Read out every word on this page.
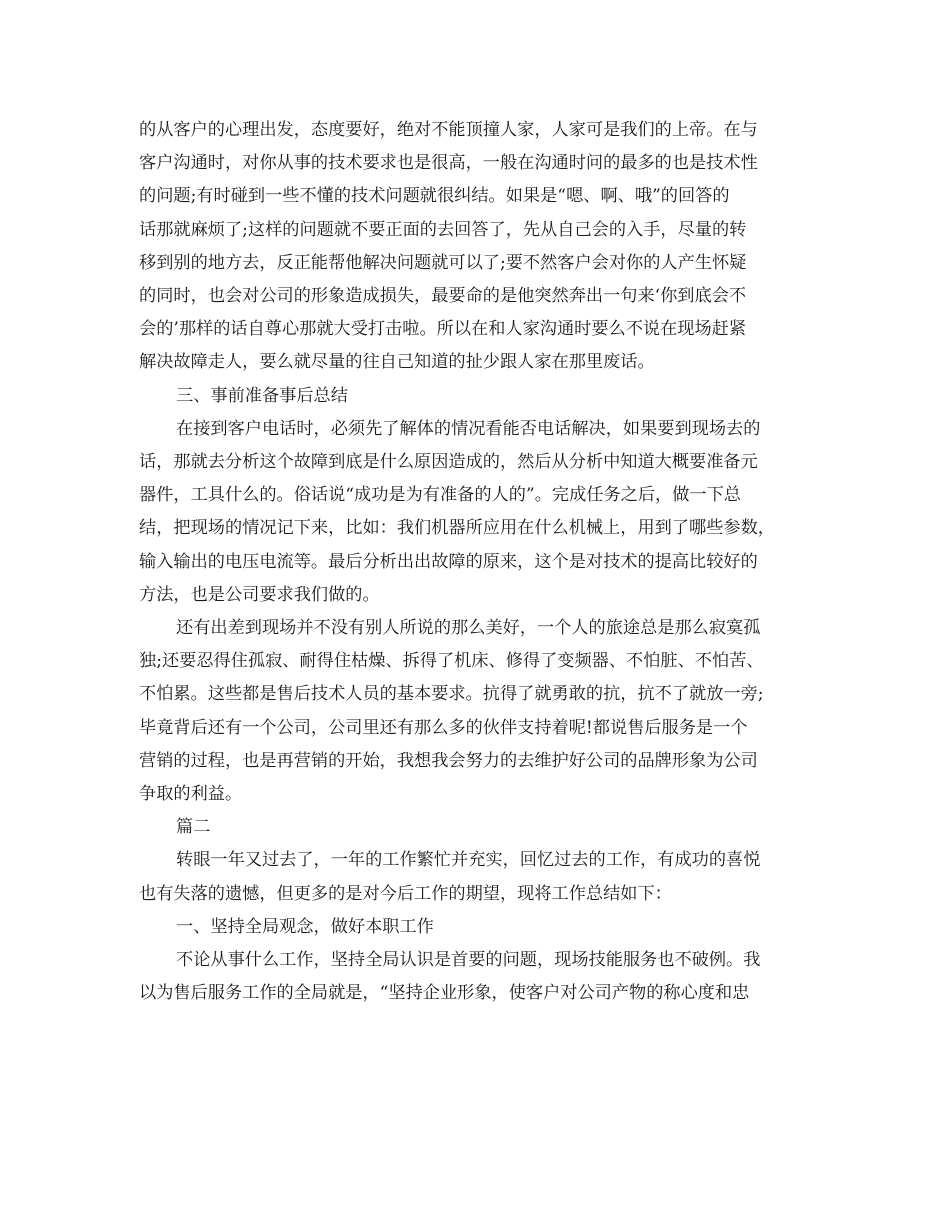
的从客户的心理出发，态度要好，绝对不能顶撞人家，人家可是我们的上帝。在与
客户沟通时，对你从事的技术要求也是很高，一般在沟通时问的最多的也是技术性
的问题;有时碰到一些不懂的技术问题就很纠结。如果是“嗯、啊、哦”的回答的
话那就麻烦了;这样的问题就不要正面的去回答了，先从自己会的入手，尽量的转
移到别的地方去，反正能帮他解决问题就可以了;要不然客户会对你的人产生怀疑
的同时，也会对公司的形象造成损失，最要命的是他突然奔出一句来‘你到底会不
会的’那样的话自尊心那就大受打击啦。所以在和人家沟通时要么不说在现场赶紧
解决故障走人，要么就尽量的往自己知道的扯少跟人家在那里废话。
三、事前准备事后总结
在接到客户电话时，必须先了解体的情况看能否电话解决，如果要到现场去的
话，那就去分析这个故障到底是什么原因造成的，然后从分析中知道大概要准备元
器件，工具什么的。俗话说“成功是为有准备的人的”。完成任务之后，做一下总
结，把现场的情况记下来，比如：我们机器所应用在什么机械上，用到了哪些参数，
输入输出的电压电流等。最后分析出出故障的原来，这个是对技术的提高比较好的
方法，也是公司要求我们做的。
还有出差到现场并不没有别人所说的那么美好，一个人的旅途总是那么寂寞孤
独;还要忍得住孤寂、耐得住枯燥、拆得了机床、修得了变频器、不怕脏、不怕苦、
不怕累。这些都是售后技术人员的基本要求。抗得了就勇敢的抗，抗不了就放一旁;
毕竟背后还有一个公司，公司里还有那么多的伙伴支持着呢!都说售后服务是一个
营销的过程，也是再营销的开始，我想我会努力的去维护好公司的品牌形象为公司
争取的利益。
篇二
转眼一年又过去了，一年的工作繁忙并充实，回忆过去的工作，有成功的喜悦
也有失落的遗憾，但更多的是对今后工作的期望，现将工作总结如下：
一、坚持全局观念，做好本职工作
不论从事什么工作，坚持全局认识是首要的问题，现场技能服务也不破例。我
以为售后服务工作的全局就是，“坚持企业形象，使客户对公司产物的称心度和忠
